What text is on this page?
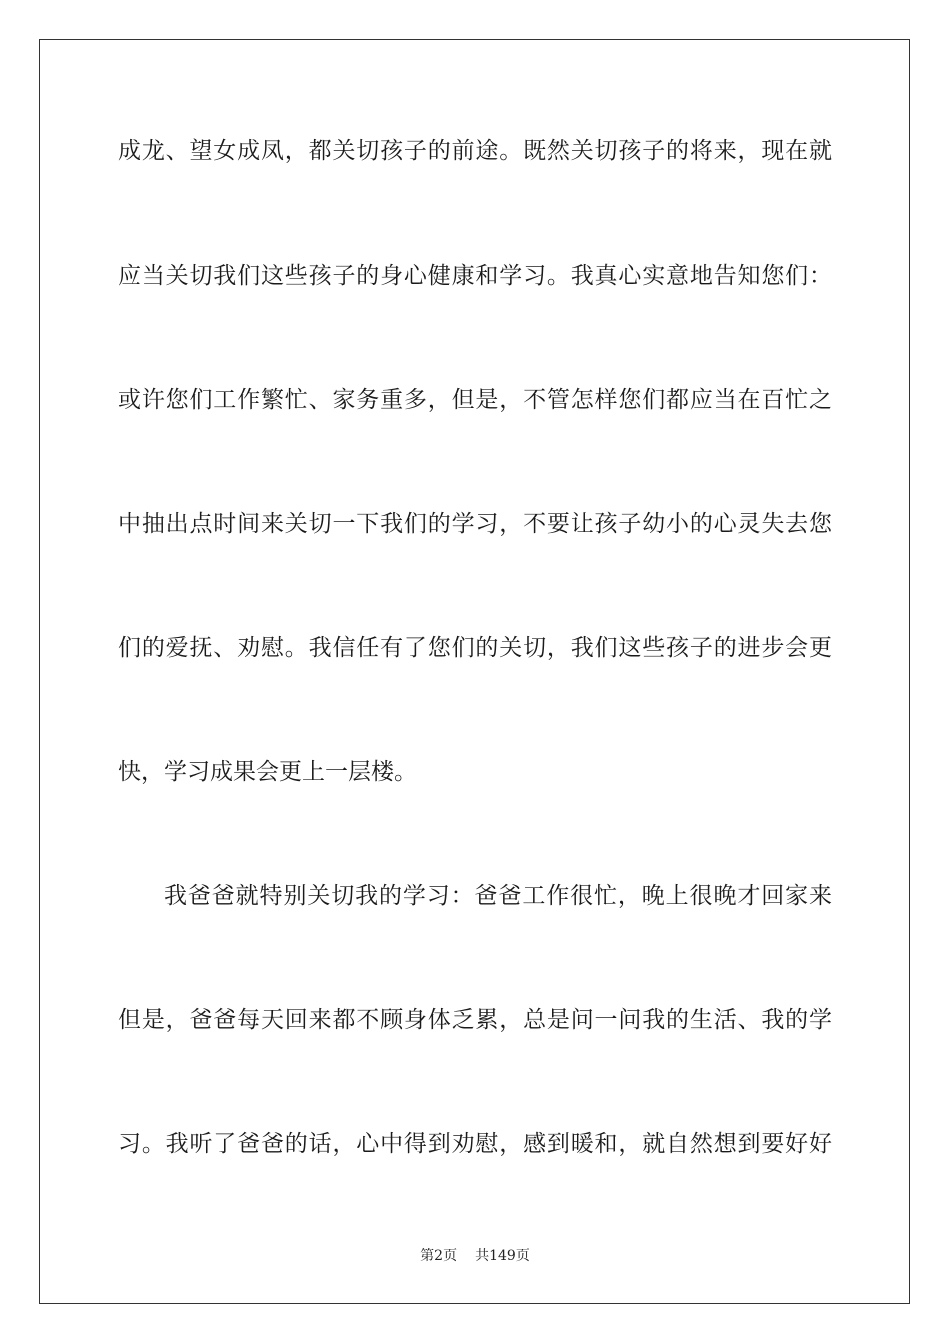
成龙、望女成凤，都关切孩子的前途。既然关切孩子的将来，现在就
应当关切我们这些孩子的身心健康和学习。我真心实意地告知您们：
或许您们工作繁忙、家务重多，但是，不管怎样您们都应当在百忙之
中抽出点时间来关切一下我们的学习，不要让孩子幼小的心灵失去您
们的爱抚、劝慰。我信任有了您们的关切，我们这些孩子的进步会更
快，学习成果会更上一层楼。
我爸爸就特别关切我的学习：爸爸工作很忙，晚上很晚才回家来
但是，爸爸每天回来都不顾身体乏累，总是问一问我的生活、我的学
习。我听了爸爸的话，心中得到劝慰，感到暖和，就自然想到要好好
第2页 共149页
